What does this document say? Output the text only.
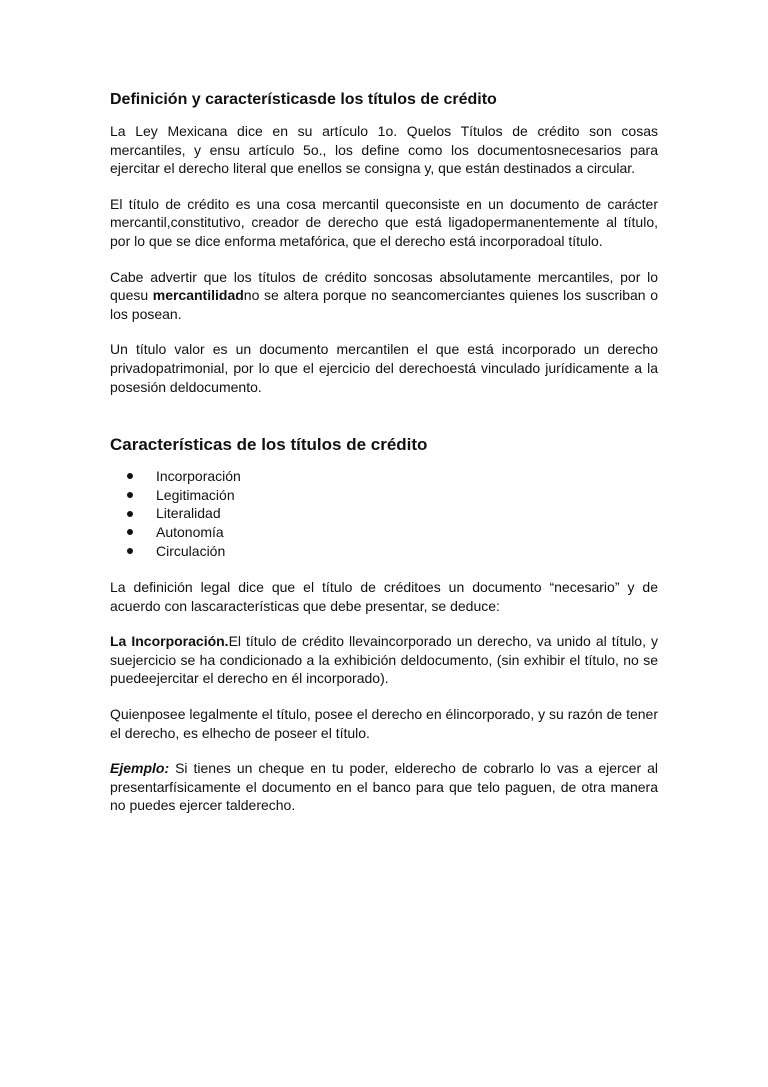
Definición y característicasde los títulos de crédito

La Ley Mexicana dice en su artículo 1o. Quelos Títulos de crédito son cosas mercantiles, y ensu artículo 5o., los define como los documentosnecesarios para ejercitar el derecho literal que enellos se consigna y, que están destinados a circular.

El título de crédito es una cosa mercantil queconsiste en un documento de carácter mercantil,constitutivo, creador de derecho que está ligadopermanentemente al título, por lo que se dice enforma metafórica, que el derecho está incorporadoal título.

Cabe advertir que los títulos de crédito soncosas absolutamente mercantiles, por lo quesu mercantilidadno se altera porque no seancomerciantes quienes los suscriban o los posean.

Un título valor es un documento mercantilen el que está incorporado un derecho privadopatrimonial, por lo que el ejercicio del derechoestá vinculado jurídicamente a la posesión deldocumento.

Características de los títulos de crédito
Incorporación
Legitimación
Literalidad
Autonomía
Circulación

La definición legal dice que el título de créditoes un documento “necesario” y de acuerdo con lascaracterísticas que debe presentar, se deduce:

La Incorporación.El título de crédito llevaincorporado un derecho, va unido al título, y suejercicio se ha condicionado a la exhibición deldocumento, (sin exhibir el título, no se puedeejercitar el derecho en él incorporado).

Quienposee legalmente el título, posee el derecho en élincorporado, y su razón de tener el derecho, es elhecho de poseer el título.

Ejemplo: Si tienes un cheque en tu poder, elderecho de cobrarlo lo vas a ejercer al presentarfísicamente el documento en el banco para que telo paguen, de otra manera no puedes ejercer talderecho.
